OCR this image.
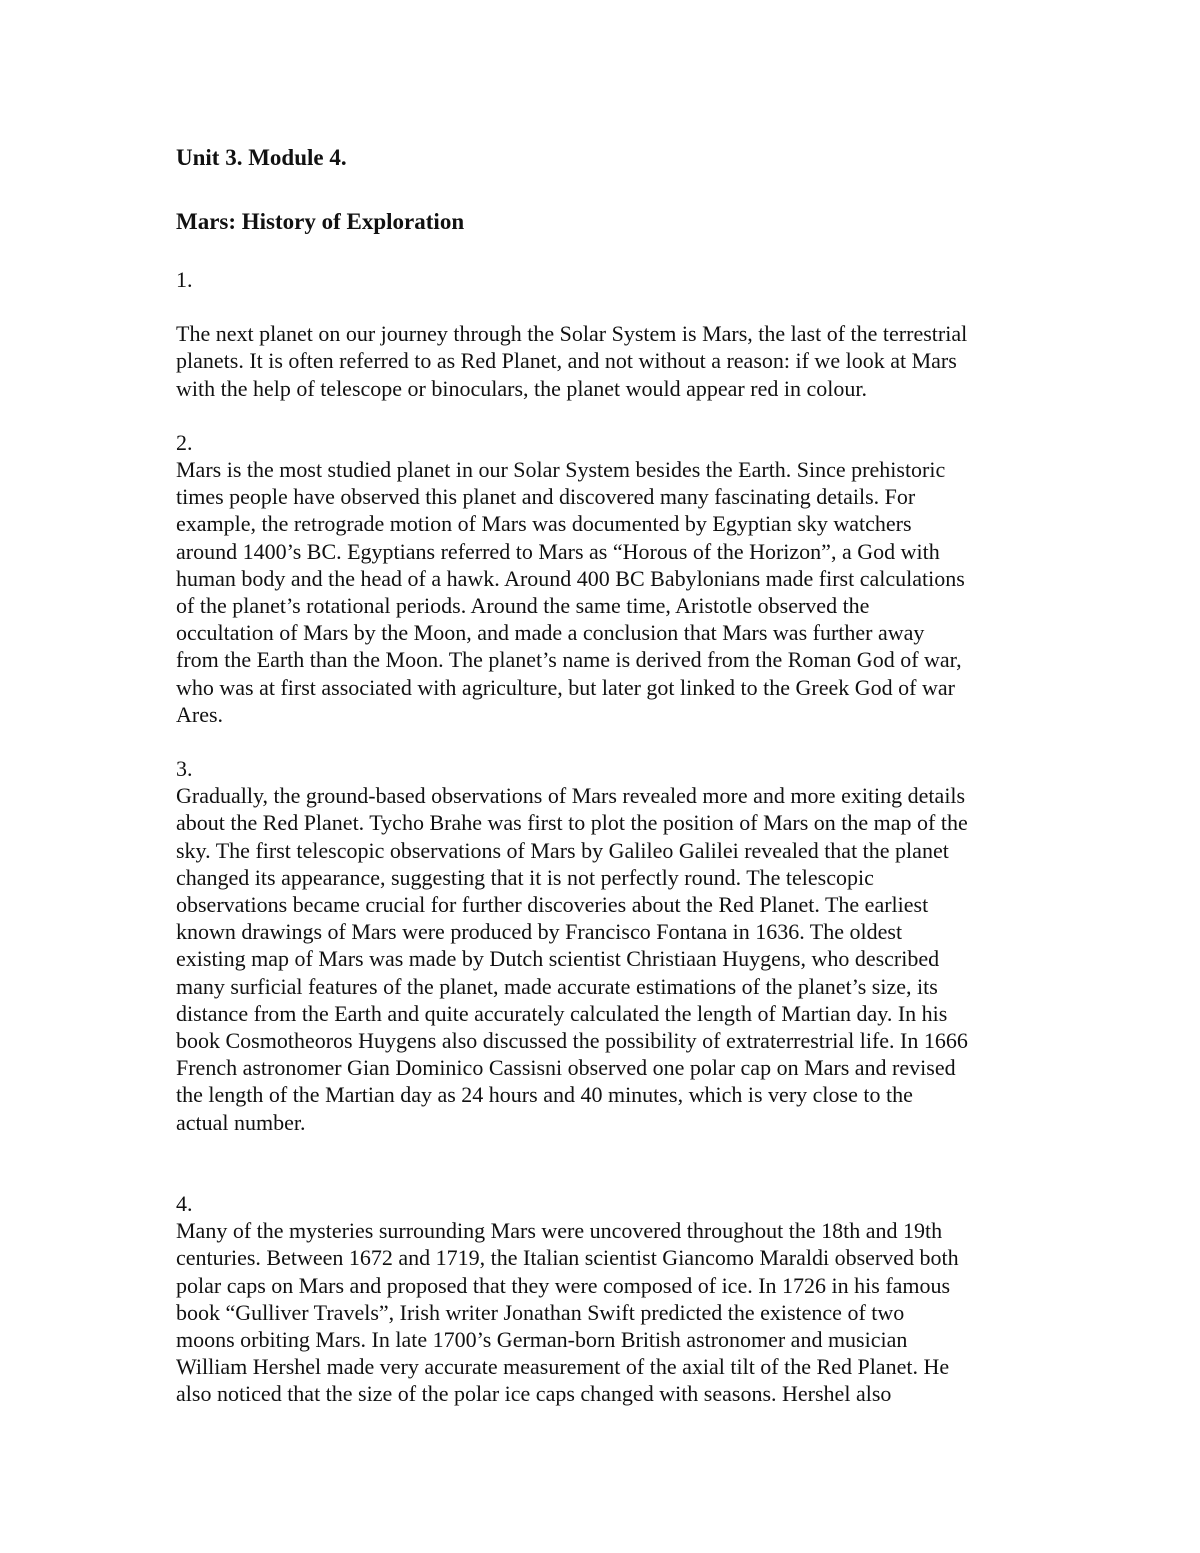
Unit 3. Module 4.
Mars: History of Exploration
1.
The next planet on our journey through the Solar System is Mars, the last of the terrestrial
planets. It is often referred to as Red Planet, and not without a reason: if we look at Mars
with the help of telescope or binoculars, the planet would appear red in colour.
2.
Mars is the most studied planet in our Solar System besides the Earth. Since prehistoric
times people have observed this planet and discovered many fascinating details. For
example, the retrograde motion of Mars was documented by Egyptian sky watchers
around 1400’s BC. Egyptians referred to Mars as “Horous of the Horizon”, a God with
human body and the head of a hawk. Around 400 BC Babylonians made first calculations
of the planet’s rotational periods. Around the same time, Aristotle observed the
occultation of Mars by the Moon, and made a conclusion that Mars was further away
from the Earth than the Moon. The planet’s name is derived from the Roman God of war,
who was at first associated with agriculture, but later got linked to the Greek God of war
Ares.
3.
Gradually, the ground-based observations of Mars revealed more and more exiting details
about the Red Planet. Tycho Brahe was first to plot the position of Mars on the map of the
sky. The first telescopic observations of Mars by Galileo Galilei revealed that the planet
changed its appearance, suggesting that it is not perfectly round. The telescopic
observations became crucial for further discoveries about the Red Planet. The earliest
known drawings of Mars were produced by Francisco Fontana in 1636. The oldest
existing map of Mars was made by Dutch scientist Christiaan Huygens, who described
many surficial features of the planet, made accurate estimations of the planet’s size, its
distance from the Earth and quite accurately calculated the length of Martian day. In his
book Cosmotheoros Huygens also discussed the possibility of extraterrestrial life. In 1666
French astronomer Gian Dominico Cassisni observed one polar cap on Mars and revised
the length of the Martian day as 24 hours and 40 minutes, which is very close to the
actual number.
4.
Many of the mysteries surrounding Mars were uncovered throughout the 18th and 19th
centuries. Between 1672 and 1719, the Italian scientist Giancomo Maraldi observed both
polar caps on Mars and proposed that they were composed of ice. In 1726 in his famous
book “Gulliver Travels”, Irish writer Jonathan Swift predicted the existence of two
moons orbiting Mars. In late 1700’s German-born British astronomer and musician
William Hershel made very accurate measurement of the axial tilt of the Red Planet. He
also noticed that the size of the polar ice caps changed with seasons. Hershel also
